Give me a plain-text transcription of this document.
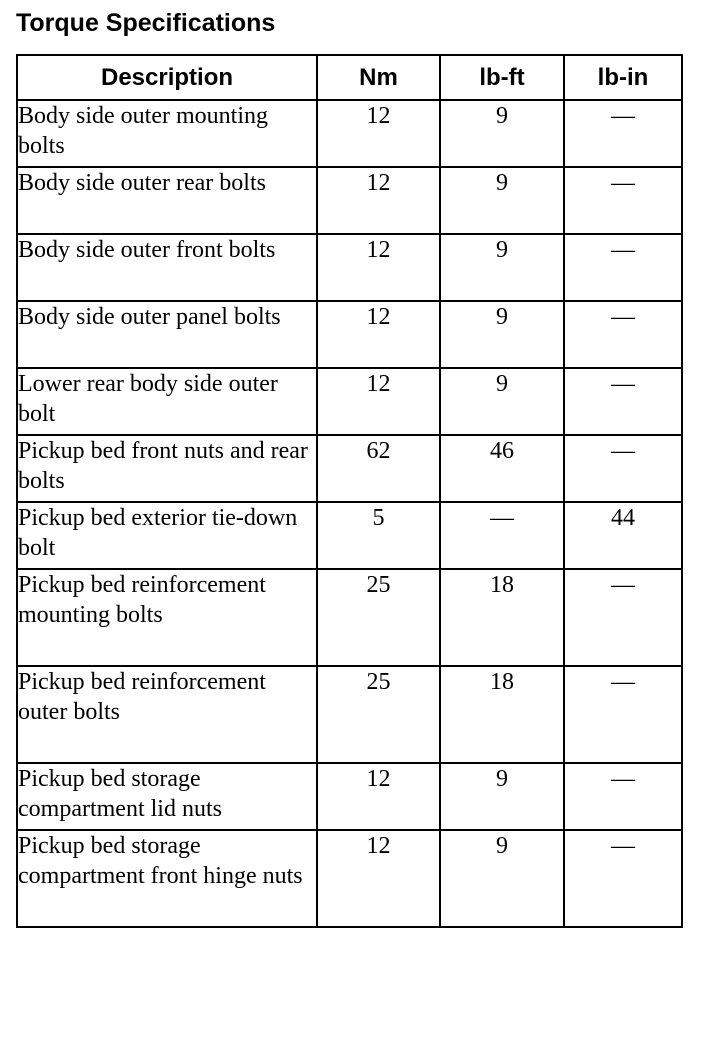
Torque Specifications
Description	Nm	lb-ft	lb-in
Body side outer mounting bolts	12	9	—
Body side outer rear bolts	12	9	—
Body side outer front bolts	12	9	—
Body side outer panel bolts	12	9	—
Lower rear body side outer bolt	12	9	—
Pickup bed front nuts and rear bolts	62	46	—
Pickup bed exterior tie-down bolt	5	—	44
Pickup bed reinforcement mounting bolts	25	18	—
Pickup bed reinforcement outer bolts	25	18	—
Pickup bed storage compartment lid nuts	12	9	—
Pickup bed storage compartment front hinge nuts	12	9	—
